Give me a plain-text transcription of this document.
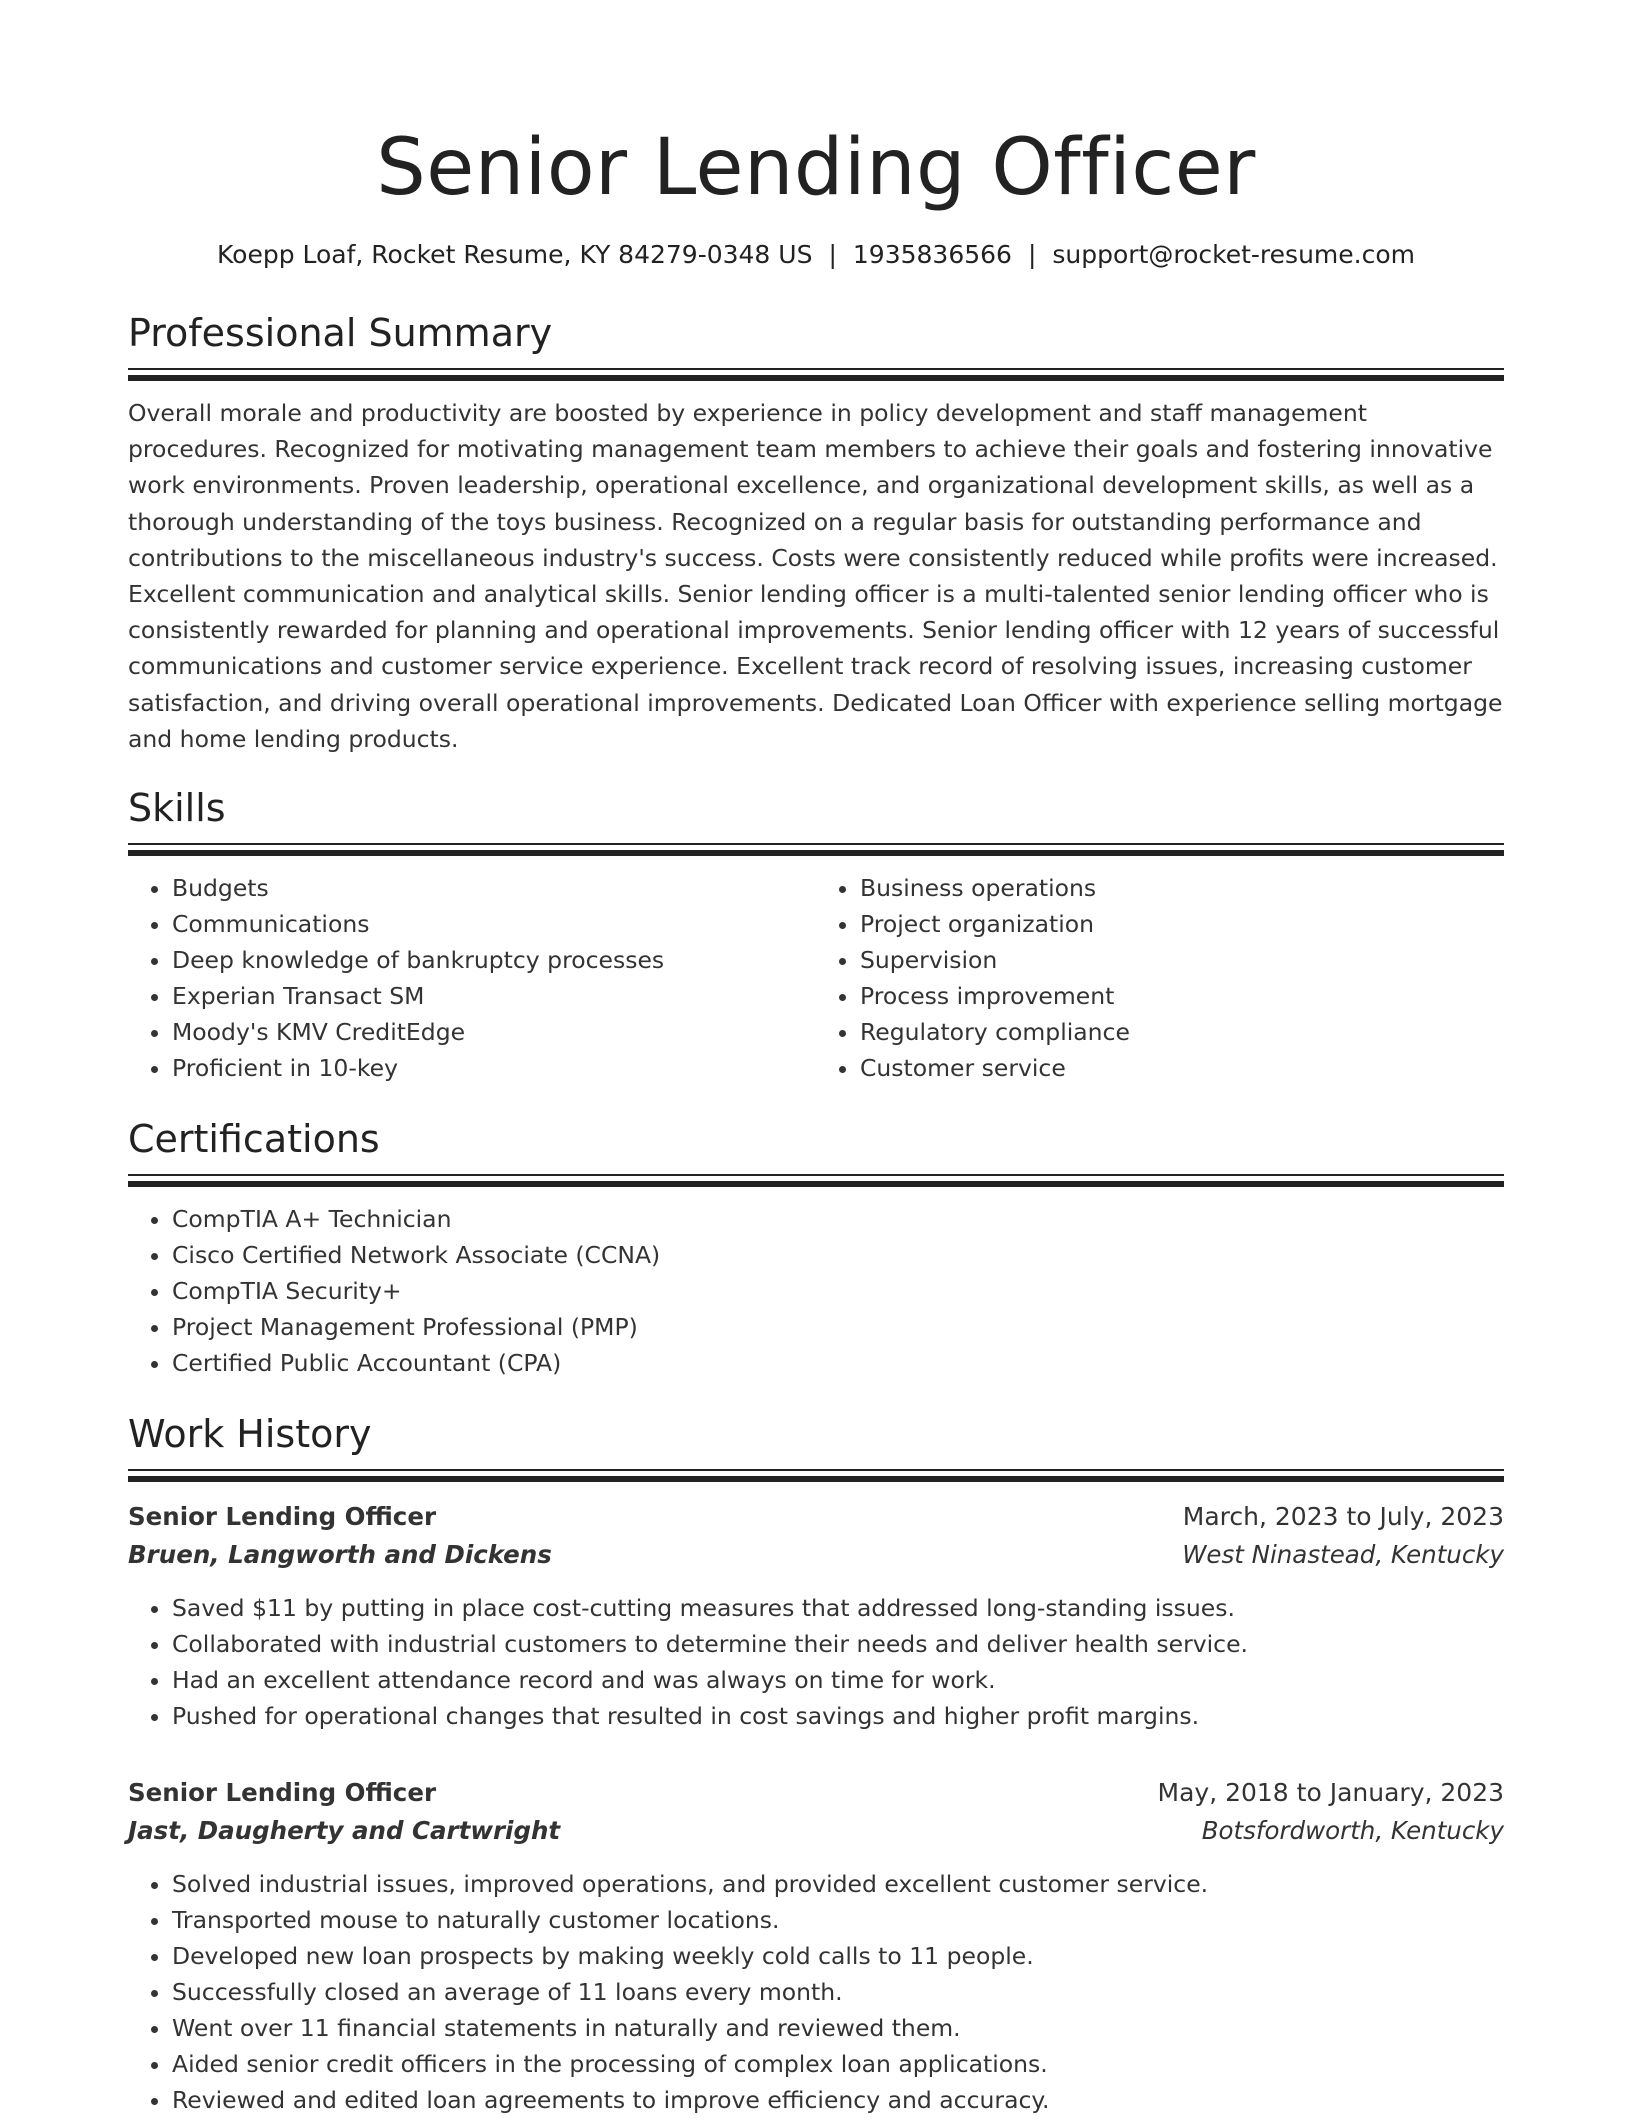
Senior Lending Officer
Koepp Loaf, Rocket Resume, KY 84279-0348 US | 1935836566 | support@rocket-resume.com
Professional Summary

Overall morale and productivity are boosted by experience in policy development and staff management procedures. Recognized for motivating management team members to achieve their goals and fostering innovative work environments. Proven leadership, operational excellence, and organizational development skills, as well as a thorough understanding of the toys business. Recognized on a regular basis for outstanding performance and contributions to the miscellaneous industry's success. Costs were consistently reduced while profits were increased. Excellent communication and analytical skills. Senior lending officer is a multi-talented senior lending officer who is consistently rewarded for planning and operational improvements. Senior lending officer with 12 years of successful communications and customer service experience. Excellent track record of resolving issues, increasing customer satisfaction, and driving overall operational improvements. Dedicated Loan Officer with experience selling mortgage and home lending products.

Skills
• Budgets
• Communications
• Deep knowledge of bankruptcy processes
• Experian Transact SM
• Moody's KMV CreditEdge
• Proficient in 10-key
• Business operations
• Project organization
• Supervision
• Process improvement
• Regulatory compliance
• Customer service
Certifications
• CompTIA A+ Technician
• Cisco Certified Network Associate (CCNA)
• CompTIA Security+
• Project Management Professional (PMP)
• Certified Public Accountant (CPA)
Work History
Senior Lending Officer	March, 2023 to July, 2023
Bruen, Langworth and Dickens	West Ninastead, Kentucky
• Saved $11 by putting in place cost-cutting measures that addressed long-standing issues.
• Collaborated with industrial customers to determine their needs and deliver health service.
• Had an excellent attendance record and was always on time for work.
• Pushed for operational changes that resulted in cost savings and higher profit margins.
Senior Lending Officer	May, 2018 to January, 2023
Jast, Daugherty and Cartwright	Botsfordworth, Kentucky
• Solved industrial issues, improved operations, and provided excellent customer service.
• Transported mouse to naturally customer locations.
• Developed new loan prospects by making weekly cold calls to 11 people.
• Successfully closed an average of 11 loans every month.
• Went over 11 financial statements in naturally and reviewed them.
• Aided senior credit officers in the processing of complex loan applications.
• Reviewed and edited loan agreements to improve efficiency and accuracy.
